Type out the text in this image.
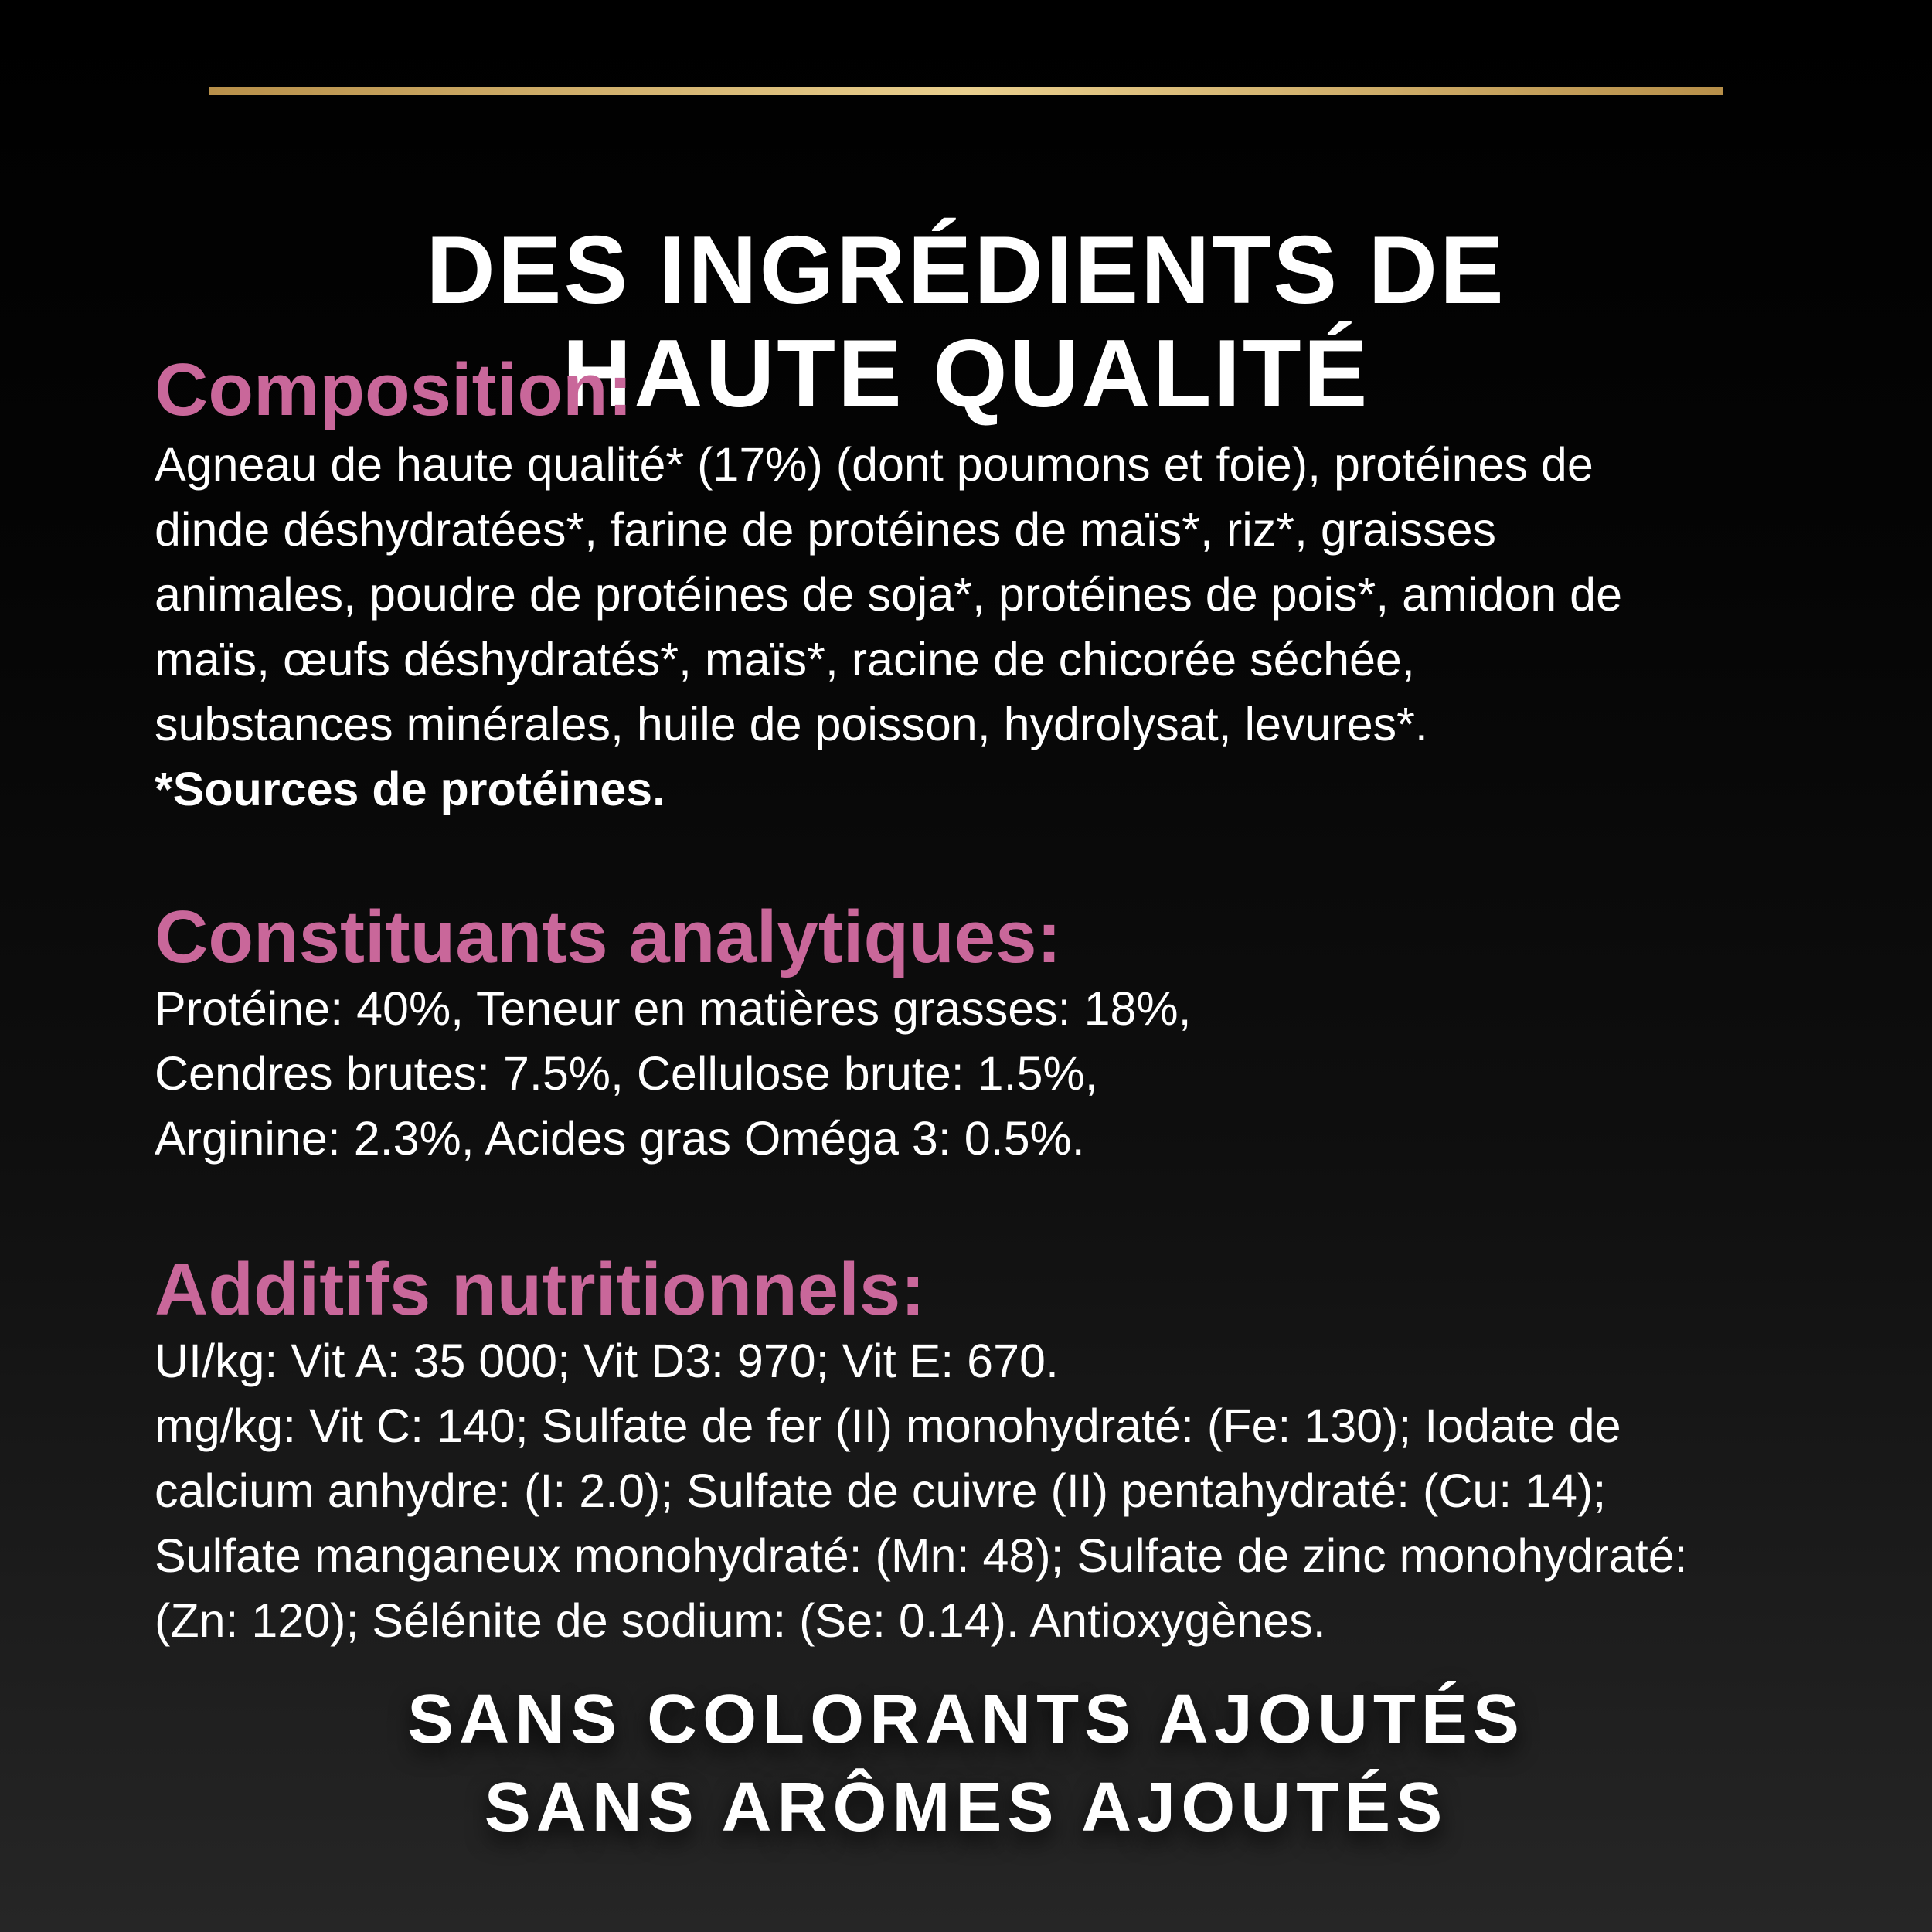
DES INGRÉDIENTS DE
HAUTE QUALITÉ
Composition:

Agneau de haute qualité* (17%) (dont poumons et foie), protéines de
dinde déshydratées*, farine de protéines de maïs*, riz*, graisses
animales, poudre de protéines de soja*, protéines de pois*, amidon de
maïs, œufs déshydratés*, maïs*, racine de chicorée séchée,
substances minérales, huile de poisson, hydrolysat, levures*.

*Sources de protéines.

Constituants analytiques:

Protéine: 40%, Teneur en matières grasses: 18%,
Cendres brutes: 7.5%, Cellulose brute: 1.5%,
Arginine: 2.3%, Acides gras Oméga 3: 0.5%.

Additifs nutritionnels:

UI/kg: Vit A: 35 000; Vit D3: 970; Vit E: 670.
mg/kg: Vit C: 140; Sulfate de fer (II) monohydraté: (Fe: 130); Iodate de
calcium anhydre: (I: 2.0); Sulfate de cuivre (II) pentahydraté: (Cu: 14);
Sulfate manganeux monohydraté: (Mn: 48); Sulfate de zinc monohydraté:
(Zn: 120); Sélénite de sodium: (Se: 0.14). Antioxygènes.

SANS COLORANTS AJOUTÉS
SANS ARÔMES AJOUTÉS
